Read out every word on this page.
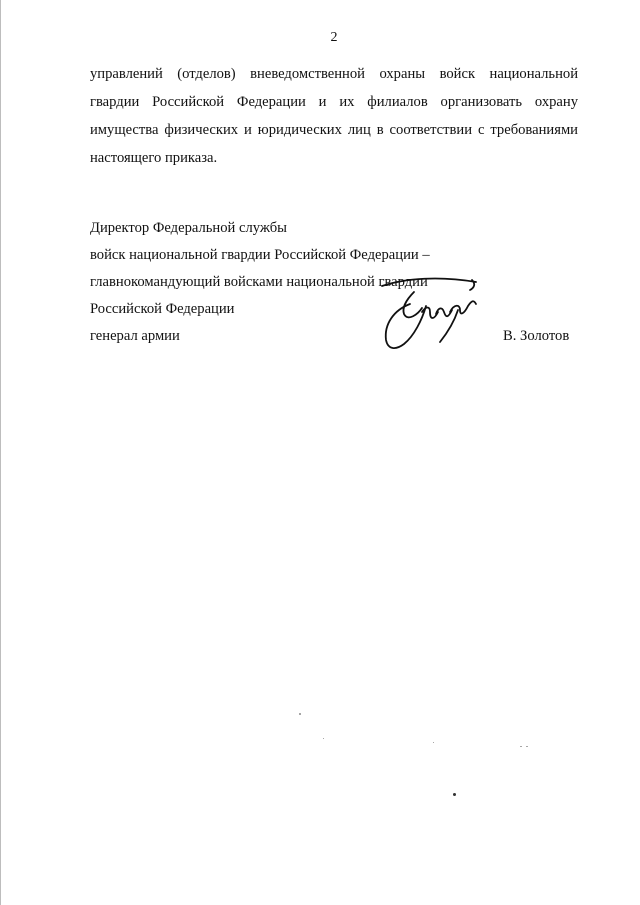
2
управлений (отделов) вневедомственной охраны войск национальной
гвардии Российской Федерации и их филиалов организовать охрану
имущества физических и юридических лиц в соответствии с требованиями
настоящего приказа.
Директор Федеральной службы
войск национальной гвардии Российской Федерации –
главнокомандующий войсками национальной гвардии
Российской Федерации
генерал армии	В. Золотов
